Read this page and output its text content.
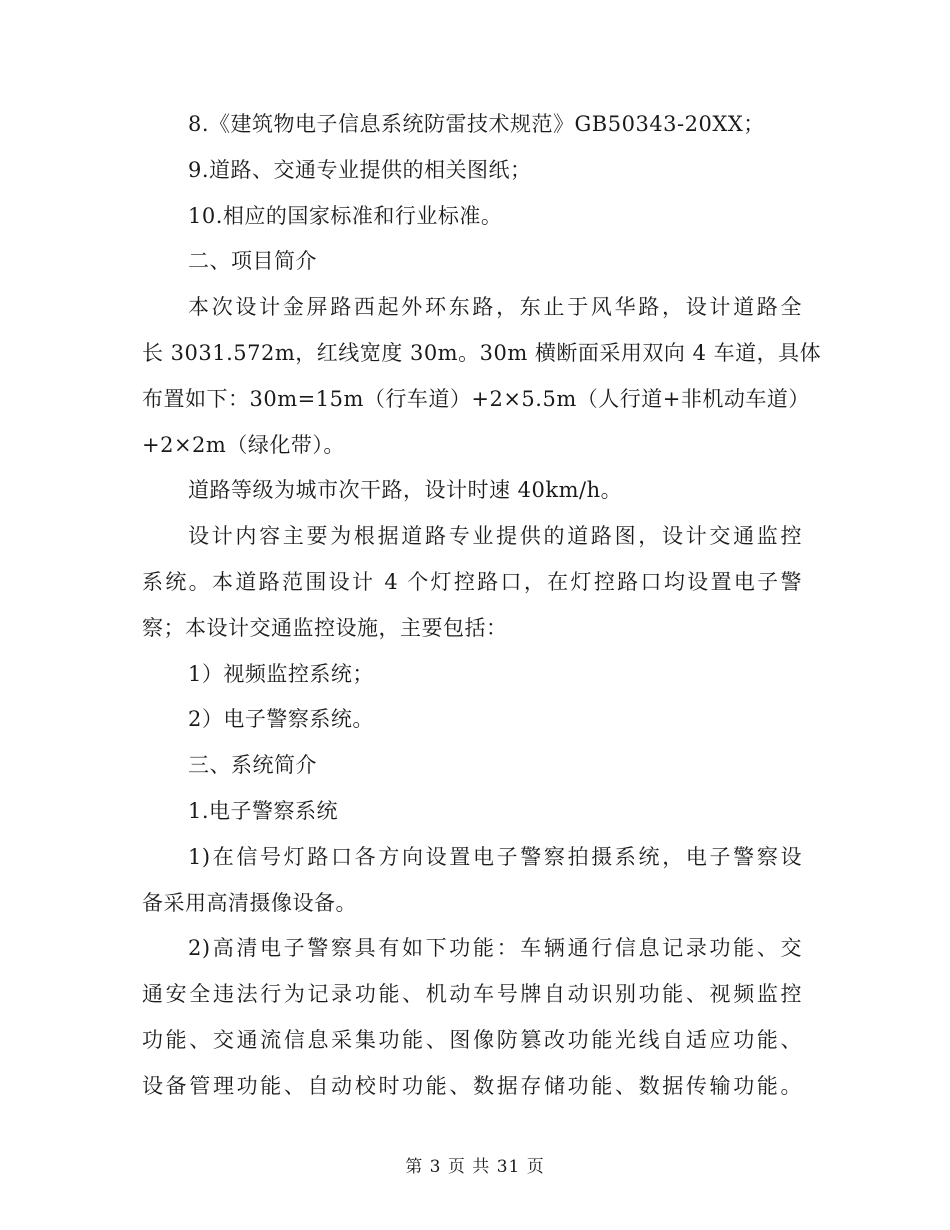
8.《建筑物电子信息系统防雷技术规范》GB50343-20XX；
9.道路、交通专业提供的相关图纸；
10.相应的国家标准和行业标准。
二、项目简介
本次设计金屏路西起外环东路，东止于风华路，设计道路全
长 3031.572m，红线宽度 30m。30m 横断面采用双向 4 车道，具体
布置如下：30m=15m（行车道）+2×5.5m（人行道+非机动车道）
+2×2m（绿化带）。
道路等级为城市次干路，设计时速 40km/h。
设计内容主要为根据道路专业提供的道路图，设计交通监控
系统。本道路范围设计 4 个灯控路口，在灯控路口均设置电子警
察；本设计交通监控设施，主要包括：
1）视频监控系统；
2）电子警察系统。
三、系统简介
1.电子警察系统
1)在信号灯路口各方向设置电子警察拍摄系统，电子警察设
备采用高清摄像设备。
2)高清电子警察具有如下功能：车辆通行信息记录功能、交
通安全违法行为记录功能、机动车号牌自动识别功能、视频监控
功能、交通流信息采集功能、图像防篡改功能光线自适应功能、
设备管理功能、自动校时功能、数据存储功能、数据传输功能。
第 3 页 共 31 页
